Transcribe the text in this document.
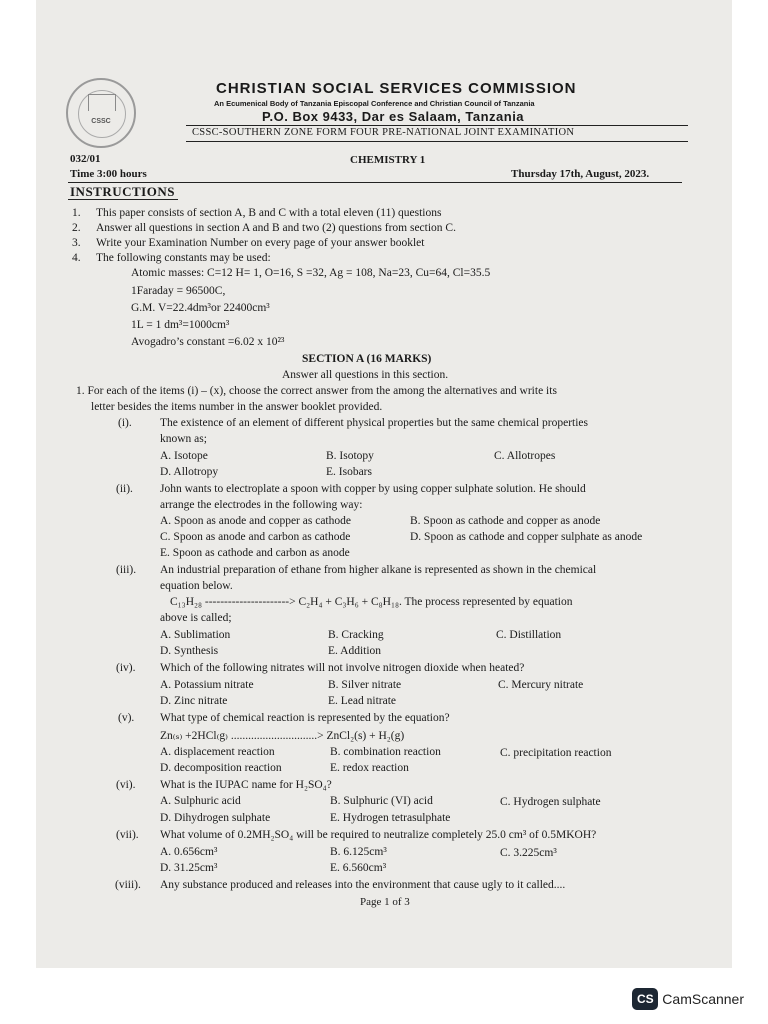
CSSC
CHRISTIAN SOCIAL SERVICES COMMISSION
An Ecumenical Body of Tanzania Episcopal Conference and Christian Council of Tanzania
P.O. Box 9433, Dar es Salaam, Tanzania
CSSC-SOUTHERN ZONE FORM FOUR PRE-NATIONAL JOINT EXAMINATION
032/01	CHEMISTRY 1
Time 3:00 hours	Thursday 17th, August, 2023.
INSTRUCTIONS
1. This paper consists of section A, B and C with a total eleven (11) questions
2. Answer all questions in section A and B and two (2) questions from section C.
3. Write your Examination Number on every page of your answer booklet
4. The following constants may be used:
Atomic masses: C=12 H= 1, O=16, S =32, Ag = 108, Na=23, Cu=64, Cl=35.5
1Faraday = 96500C,
G.M. V=22.4dm³or 22400cm³
1L = 1 dm³=1000cm³
Avogadro’s constant =6.02 x 10²³
SECTION A (16 MARKS)
Answer all questions in this section.
1. For each of the items (i) – (x), choose the correct answer from the among the alternatives and write its
letter besides the items number in the answer booklet provided.
(i). The existence of an element of different physical properties but the same chemical properties
known as;
A. Isotope	B. Isotopy	C. Allotropes
D. Allotropy	E. Isobars
(ii). John wants to electroplate a spoon with copper by using copper sulphate solution. He should
arrange the electrodes in the following way:
A. Spoon as anode and copper as cathode	B. Spoon as cathode and copper as anode
C. Spoon as anode and carbon as cathode	D. Spoon as cathode and copper sulphate as anode
E. Spoon as cathode and carbon as anode
(iii). An industrial preparation of ethane from higher alkane is represented as shown in the chemical
equation below.
C₁₃H₂₈ ----------------------> C₂H₄ + C₃H₆ + C₈H₁₈. The process represented by equation
above is called;
A. Sublimation	B. Cracking	C. Distillation
D. Synthesis	E. Addition
(iv). Which of the following nitrates will not involve nitrogen dioxide when heated?
A. Potassium nitrate	B. Silver nitrate	C. Mercury nitrate
D. Zinc nitrate	E. Lead nitrate
(v). What type of chemical reaction is represented by the equation?
Zn₍ₛ₎ +2HCl₍g₎ ..............................> ZnCl₂(s) + H₂(g)
A. displacement reaction	B. combination reaction	C. precipitation reaction
D. decomposition reaction	E. redox reaction
(vi). What is the IUPAC name for H₂SO₄?
A. Sulphuric acid	B. Sulphuric (VI) acid	C. Hydrogen sulphate
D. Dihydrogen sulphate	E. Hydrogen tetrasulphate
(vii). What volume of 0.2MH₂SO₄ will be required to neutralize completely 25.0 cm³ of 0.5MKOH?
A. 0.656cm³	B. 6.125cm³	C. 3.225cm³
D. 31.25cm³	E. 6.560cm³
(viii). Any substance produced and releases into the environment that cause ugly to it called....
Page 1 of 3
CS CamScanner
